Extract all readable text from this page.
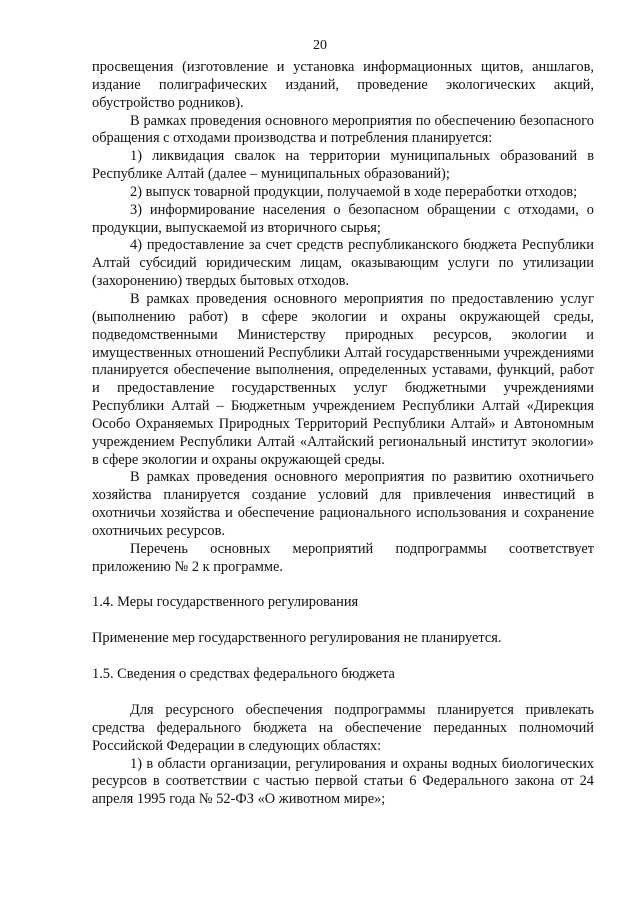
20

просвещения (изготовление и установка информационных щитов, аншлагов, издание полиграфических изданий, проведение экологических акций, обустройство родников).

В рамках проведения основного мероприятия по обеспечению безопасного обращения с отходами производства и потребления планируется:

1) ликвидация свалок на территории муниципальных образований в Республике Алтай (далее – муниципальных образований);

2) выпуск товарной продукции, получаемой в ходе переработки отходов;

3) информирование населения о безопасном обращении с отходами, о продукции, выпускаемой из вторичного сырья;

4) предоставление за счет средств республиканского бюджета Республики Алтай субсидий юридическим лицам, оказывающим услуги по утилизации (захоронению) твердых бытовых отходов.

В рамках проведения основного мероприятия по предоставлению услуг (выполнению работ) в сфере экологии и охраны окружающей среды, подведомственными Министерству природных ресурсов, экологии и имущественных отношений Республики Алтай государственными учреждениями планируется обеспечение выполнения, определенных уставами, функций, работ и предоставление государственных услуг бюджетными учреждениями Республики Алтай – Бюджетным учреждением Республики Алтай «Дирекция Особо Охраняемых Природных Территорий Республики Алтай» и Автономным учреждением Республики Алтай «Алтайский региональный институт экологии» в сфере экологии и охраны окружающей среды.

В рамках проведения основного мероприятия по развитию охотничьего хозяйства планируется создание условий для привлечения инвестиций в охотничьи хозяйства и обеспечение рационального использования и сохранение охотничьих ресурсов.

Перечень основных мероприятий подпрограммы соответствует приложению № 2 к программе.

1.4. Меры государственного регулирования

Применение мер государственного регулирования не планируется.

1.5. Сведения о средствах федерального бюджета

Для ресурсного обеспечения подпрограммы планируется привлекать средства федерального бюджета на обеспечение переданных полномочий Российской Федерации в следующих областях:

1) в области организации, регулирования и охраны водных биологических ресурсов в соответствии с частью первой статьи 6 Федерального закона от 24 апреля 1995 года № 52-ФЗ «О животном мире»;
